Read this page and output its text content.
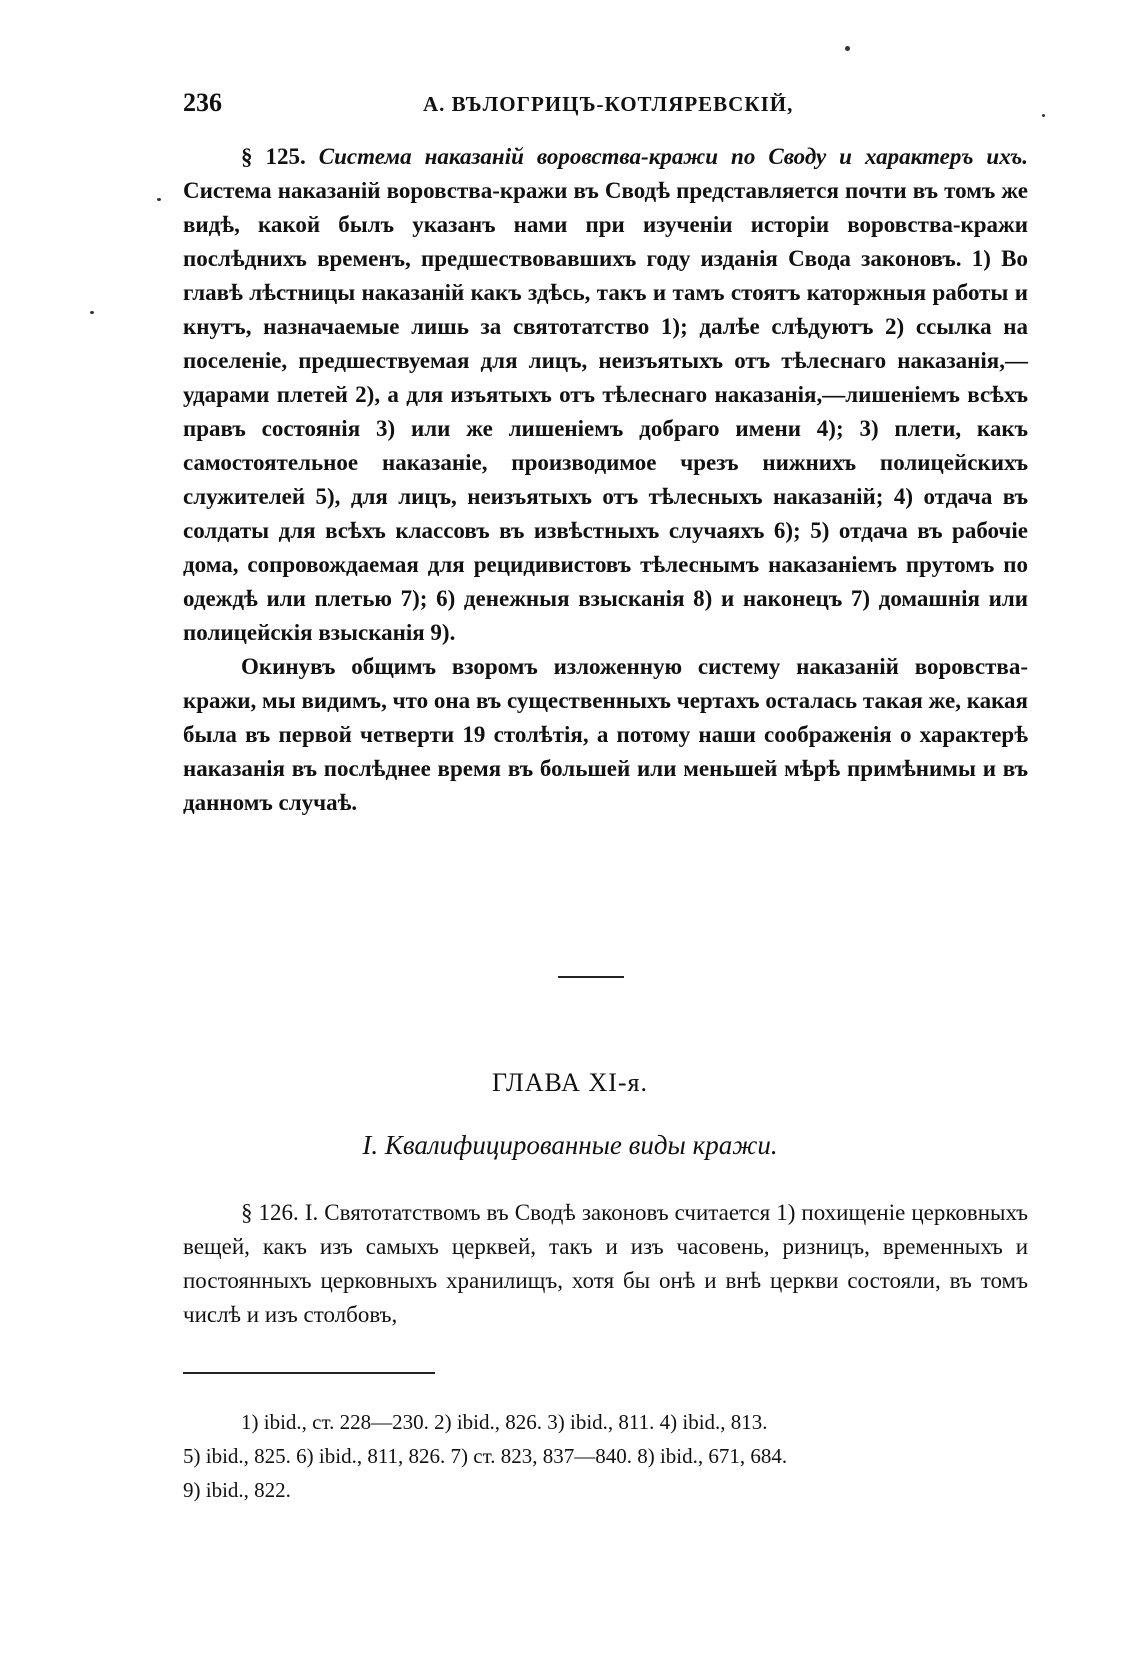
236	А. ВЪЛОГРИЦЪ-КОТЛЯРЕВСКІЙ,

§ 125. Система наказаній воровства-кражи по Своду и характеръ ихъ. Система наказаній воровства-кражи въ Сводѣ представляется почти въ томъ же видѣ, какой былъ указанъ нами при изученіи исторіи воровства-кражи послѣднихъ временъ, предшествовавшихъ году изданія Свода законовъ. 1) Во главѣ лѣстницы наказаній какъ здѣсь, такъ и тамъ стоятъ каторжныя работы и кнутъ, назначаемые лишь за святотатство 1); далѣе слѣдуютъ 2) ссылка на поселеніе, предшествуемая для лицъ, неизъятыхъ отъ тѣлеснаго наказанія,—ударами плетей 2), а для изъятыхъ отъ тѣлеснаго наказанія,—лишеніемъ всѣхъ правъ состоянія 3) или же лишеніемъ добраго имени 4); 3) плети, какъ самостоятельное наказаніе, производимое чрезъ нижнихъ полицейскихъ служителей 5), для лицъ, неизъятыхъ отъ тѣлесныхъ наказаній; 4) отдача въ солдаты для всѣхъ классовъ въ извѣстныхъ случаяхъ 6); 5) отдача въ рабочіе дома, сопровождаемая для рецидивистовъ тѣлеснымъ наказаніемъ прутомъ по одеждѣ или плетью 7); 6) денежныя взысканія 8) и наконецъ 7) домашнія или полицейскія взысканія 9).

Окинувъ общимъ взоромъ изложенную систему наказаній воровства-кражи, мы видимъ, что она въ существенныхъ чертахъ осталась такая же, какая была въ первой четверти 19 столѣтія, а потому наши соображенія о характерѣ наказанія въ послѣднее время въ большей или меньшей мѣрѣ примѣнимы и въ данномъ случаѣ.

ГЛАВА XI-я.
I. Квалифицированные виды кражи.

§ 126. I. Святотатствомъ въ Сводѣ законовъ считается 1) похищеніе церковныхъ вещей, какъ изъ самыхъ церквей, такъ и изъ часовень, ризницъ, временныхъ и постоянныхъ церковныхъ хранилищъ, хотя бы онѣ и внѣ церкви состояли, въ томъ числѣ и изъ столбовъ,

1) ibid., ст. 228—230. 2) ibid., 826. 3) ibid., 811. 4) ibid., 813.
5) ibid., 825. 6) ibid., 811, 826. 7) ст. 823, 837—840. 8) ibid., 671, 684.
9) ibid., 822.
